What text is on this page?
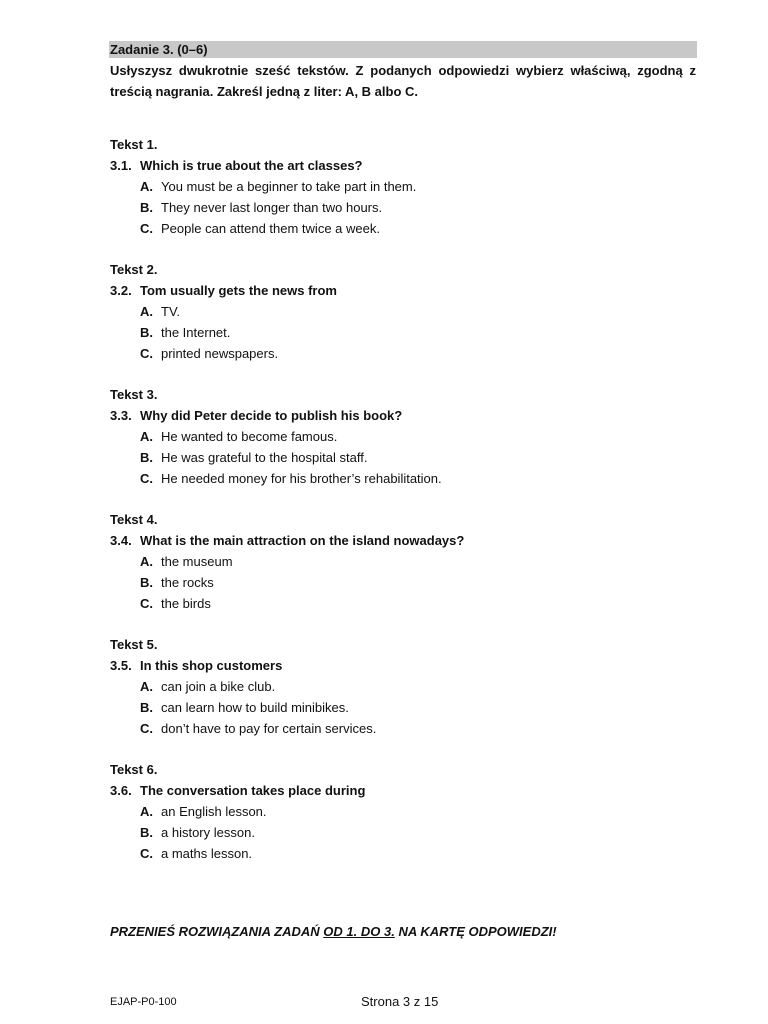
Zadanie 3. (0–6)
Usłyszysz dwukrotnie sześć tekstów. Z podanych odpowiedzi wybierz właściwą, zgodną z treścią nagrania. Zakreśl jedną z liter: A, B albo C.
Tekst 1.
3.1. Which is true about the art classes?
A. You must be a beginner to take part in them.
B. They never last longer than two hours.
C. People can attend them twice a week.
Tekst 2.
3.2. Tom usually gets the news from
A. TV.
B. the Internet.
C. printed newspapers.
Tekst 3.
3.3. Why did Peter decide to publish his book?
A. He wanted to become famous.
B. He was grateful to the hospital staff.
C. He needed money for his brother’s rehabilitation.
Tekst 4.
3.4. What is the main attraction on the island nowadays?
A. the museum
B. the rocks
C. the birds
Tekst 5.
3.5. In this shop customers
A. can join a bike club.
B. can learn how to build minibikes.
C. don’t have to pay for certain services.
Tekst 6.
3.6. The conversation takes place during
A. an English lesson.
B. a history lesson.
C. a maths lesson.
PRZENIEŚ ROZWIĄZANIA ZADAŃ OD 1. DO 3. NA KARTĘ ODPOWIEDZI!
EJAP-P0-100	Strona 3 z 15
